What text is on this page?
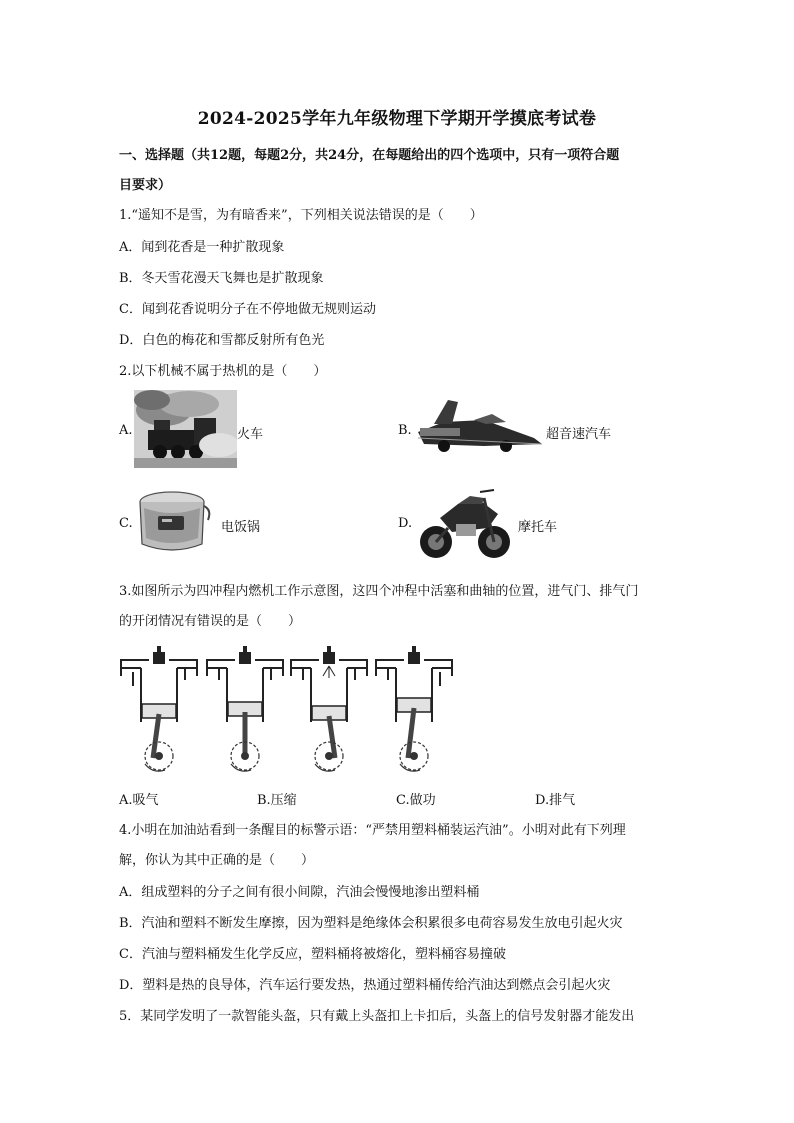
2024-2025学年九年级物理下学期开学摸底考试卷
一、选择题（共12题，每题2分，共24分，在每题给出的四个选项中，只有一项符合题
目要求）
1.“遥知不是雪，为有暗香来”，下列相关说法错误的是（　　）
A．闻到花香是一种扩散现象
B．冬天雪花漫天飞舞也是扩散现象
C．闻到花香说明分子在不停地做无规则运动
D．白色的梅花和雪都反射所有色光
2.以下机械不属于热机的是（　　）
A.	火车	B.	超音速汽车
C.	电饭锅	D.	摩托车
3.如图所示为四冲程内燃机工作示意图，这四个冲程中活塞和曲轴的位置，进气门、排气门
的开闭情况有错误的是（　　）
A.吸气	B.压缩	C.做功	D.排气
4.小明在加油站看到一条醒目的标警示语：“严禁用塑料桶装运汽油”。小明对此有下列理
解，你认为其中正确的是（　　）
A．组成塑料的分子之间有很小间隙，汽油会慢慢地渗出塑料桶
B．汽油和塑料不断发生摩擦，因为塑料是绝缘体会积累很多电荷容易发生放电引起火灾
C．汽油与塑料桶发生化学反应，塑料桶将被熔化，塑料桶容易撞破
D．塑料是热的良导体，汽车运行要发热，热通过塑料桶传给汽油达到燃点会引起火灾
5．某同学发明了一款智能头盔，只有戴上头盔扣上卡扣后，头盔上的信号发射器才能发出
